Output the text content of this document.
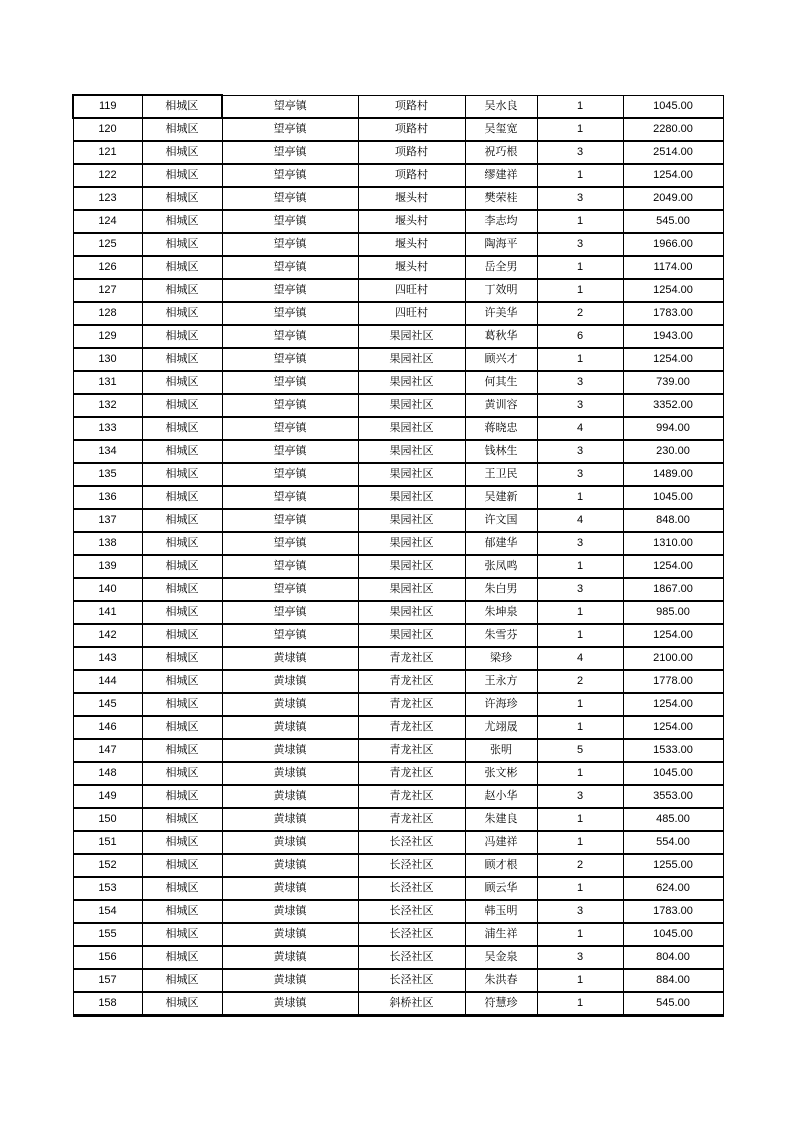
119	相城区	望亭镇	项路村	吴水良	1	1045.00
120	相城区	望亭镇	项路村	吴玺宽	1	2280.00
121	相城区	望亭镇	项路村	祝巧根	3	2514.00
122	相城区	望亭镇	项路村	缪建祥	1	1254.00
123	相城区	望亭镇	堰头村	樊荣桂	3	2049.00
124	相城区	望亭镇	堰头村	李志均	1	545.00
125	相城区	望亭镇	堰头村	陶海平	3	1966.00
126	相城区	望亭镇	堰头村	岳全男	1	1174.00
127	相城区	望亭镇	四旺村	丁效明	1	1254.00
128	相城区	望亭镇	四旺村	许美华	2	1783.00
129	相城区	望亭镇	果园社区	葛秋华	6	1943.00
130	相城区	望亭镇	果园社区	顾兴才	1	1254.00
131	相城区	望亭镇	果园社区	何其生	3	739.00
132	相城区	望亭镇	果园社区	黄训容	3	3352.00
133	相城区	望亭镇	果园社区	蒋晓忠	4	994.00
134	相城区	望亭镇	果园社区	钱林生	3	230.00
135	相城区	望亭镇	果园社区	王卫民	3	1489.00
136	相城区	望亭镇	果园社区	吴建新	1	1045.00
137	相城区	望亭镇	果园社区	许文国	4	848.00
138	相城区	望亭镇	果园社区	郁建华	3	1310.00
139	相城区	望亭镇	果园社区	张凤鸣	1	1254.00
140	相城区	望亭镇	果园社区	朱白男	3	1867.00
141	相城区	望亭镇	果园社区	朱坤泉	1	985.00
142	相城区	望亭镇	果园社区	朱雪芬	1	1254.00
143	相城区	黄埭镇	青龙社区	梁珍	4	2100.00
144	相城区	黄埭镇	青龙社区	王永方	2	1778.00
145	相城区	黄埭镇	青龙社区	许海珍	1	1254.00
146	相城区	黄埭镇	青龙社区	尤翊晟	1	1254.00
147	相城区	黄埭镇	青龙社区	张明	5	1533.00
148	相城区	黄埭镇	青龙社区	张文彬	1	1045.00
149	相城区	黄埭镇	青龙社区	赵小华	3	3553.00
150	相城区	黄埭镇	青龙社区	朱建良	1	485.00
151	相城区	黄埭镇	长泾社区	冯建祥	1	554.00
152	相城区	黄埭镇	长泾社区	顾才根	2	1255.00
153	相城区	黄埭镇	长泾社区	顾云华	1	624.00
154	相城区	黄埭镇	长泾社区	韩玉明	3	1783.00
155	相城区	黄埭镇	长泾社区	浦生祥	1	1045.00
156	相城区	黄埭镇	长泾社区	吴金泉	3	804.00
157	相城区	黄埭镇	长泾社区	朱洪春	1	884.00
158	相城区	黄埭镇	斜桥社区	符慧珍	1	545.00
